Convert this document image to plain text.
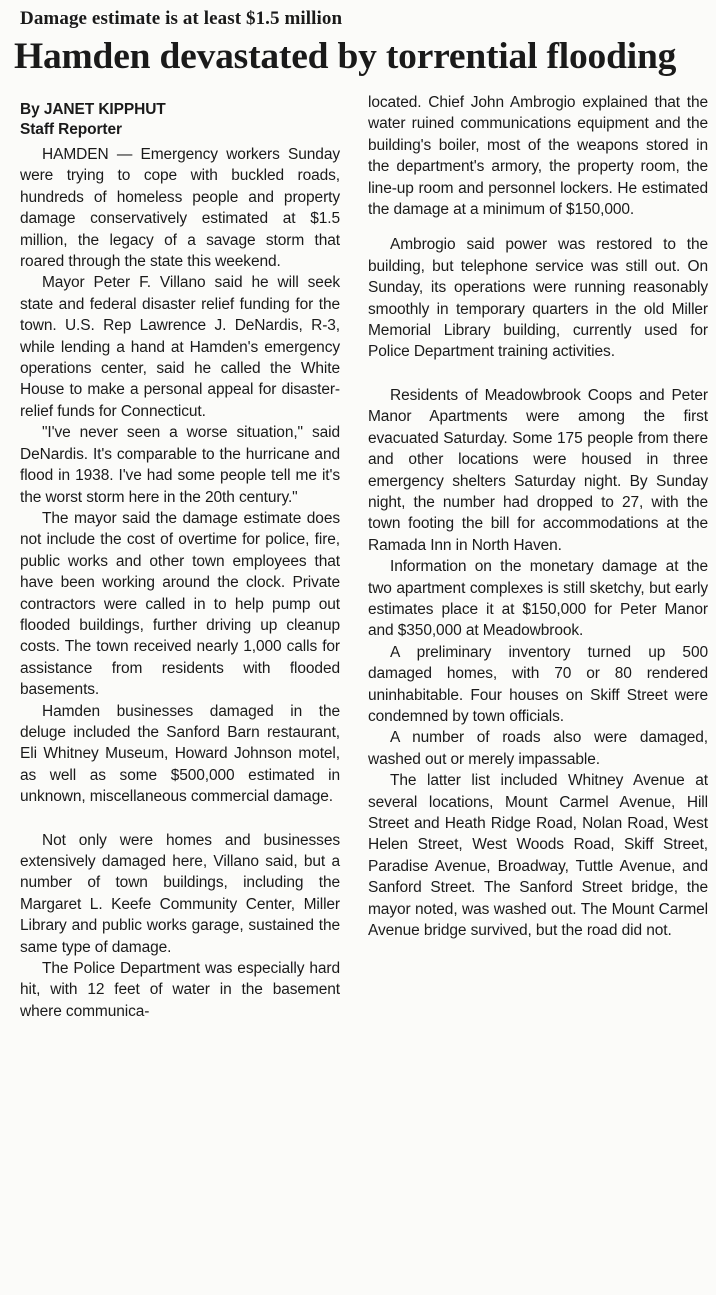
Damage estimate is at least $1.5 million
Hamden devastated by torrential flooding
By JANET KIPPHUT
Staff Reporter

HAMDEN — Emergency workers Sunday were trying to cope with buckled roads, hundreds of homeless people and property damage conservatively estimated at $1.5 million, the legacy of a savage storm that roared through the state this weekend.

Mayor Peter F. Villano said he will seek state and federal disaster relief funding for the town. U.S. Rep Lawrence J. DeNardis, R-3, while lending a hand at Hamden's emergency operations center, said he called the White House to make a personal appeal for disaster-relief funds for Connecticut.

"I've never seen a worse situation," said DeNardis. It's comparable to the hurricane and flood in 1938. I've had some people tell me it's the worst storm here in the 20th century."

The mayor said the damage estimate does not include the cost of overtime for police, fire, public works and other town employees that have been working around the clock. Private contractors were called in to help pump out flooded buildings, further driving up cleanup costs. The town received nearly 1,000 calls for assistance from residents with flooded basements.

Hamden businesses damaged in the deluge included the Sanford Barn restaurant, Eli Whitney Museum, Howard Johnson motel, as well as some $500,000 estimated in unknown, miscellaneous commercial damage.

Not only were homes and businesses extensively damaged here, Villano said, but a number of town buildings, including the Margaret L. Keefe Community Center, Miller Library and public works garage, sustained the same type of damage.

The Police Department was especially hard hit, with 12 feet of water in the basement where communica-

located. Chief John Ambrogio explained that the water ruined communications equipment and the building's boiler, most of the weapons stored in the department's armory, the property room, the line-up room and personnel lockers. He estimated the damage at a minimum of $150,000.

Ambrogio said power was restored to the building, but telephone service was still out. On Sunday, its operations were running reasonably smoothly in temporary quarters in the old Miller Memorial Library building, currently used for Police Department training activities.

Residents of Meadowbrook Coops and Peter Manor Apartments were among the first evacuated Saturday. Some 175 people from there and other locations were housed in three emergency shelters Saturday night. By Sunday night, the number had dropped to 27, with the town footing the bill for accommodations at the Ramada Inn in North Haven.

Information on the monetary damage at the two apartment complexes is still sketchy, but early estimates place it at $150,000 for Peter Manor and $350,000 at Meadowbrook.

A preliminary inventory turned up 500 damaged homes, with 70 or 80 rendered uninhabitable. Four houses on Skiff Street were condemned by town officials.

A number of roads also were damaged, washed out or merely impassable.

The latter list included Whitney Avenue at several locations, Mount Carmel Avenue, Hill Street and Heath Ridge Road, Nolan Road, West Helen Street, West Woods Road, Skiff Street, Paradise Avenue, Broadway, Tuttle Avenue, and Sanford Street. The Sanford Street bridge, the mayor noted, was washed out. The Mount Carmel Avenue bridge survived, but the road did not.
